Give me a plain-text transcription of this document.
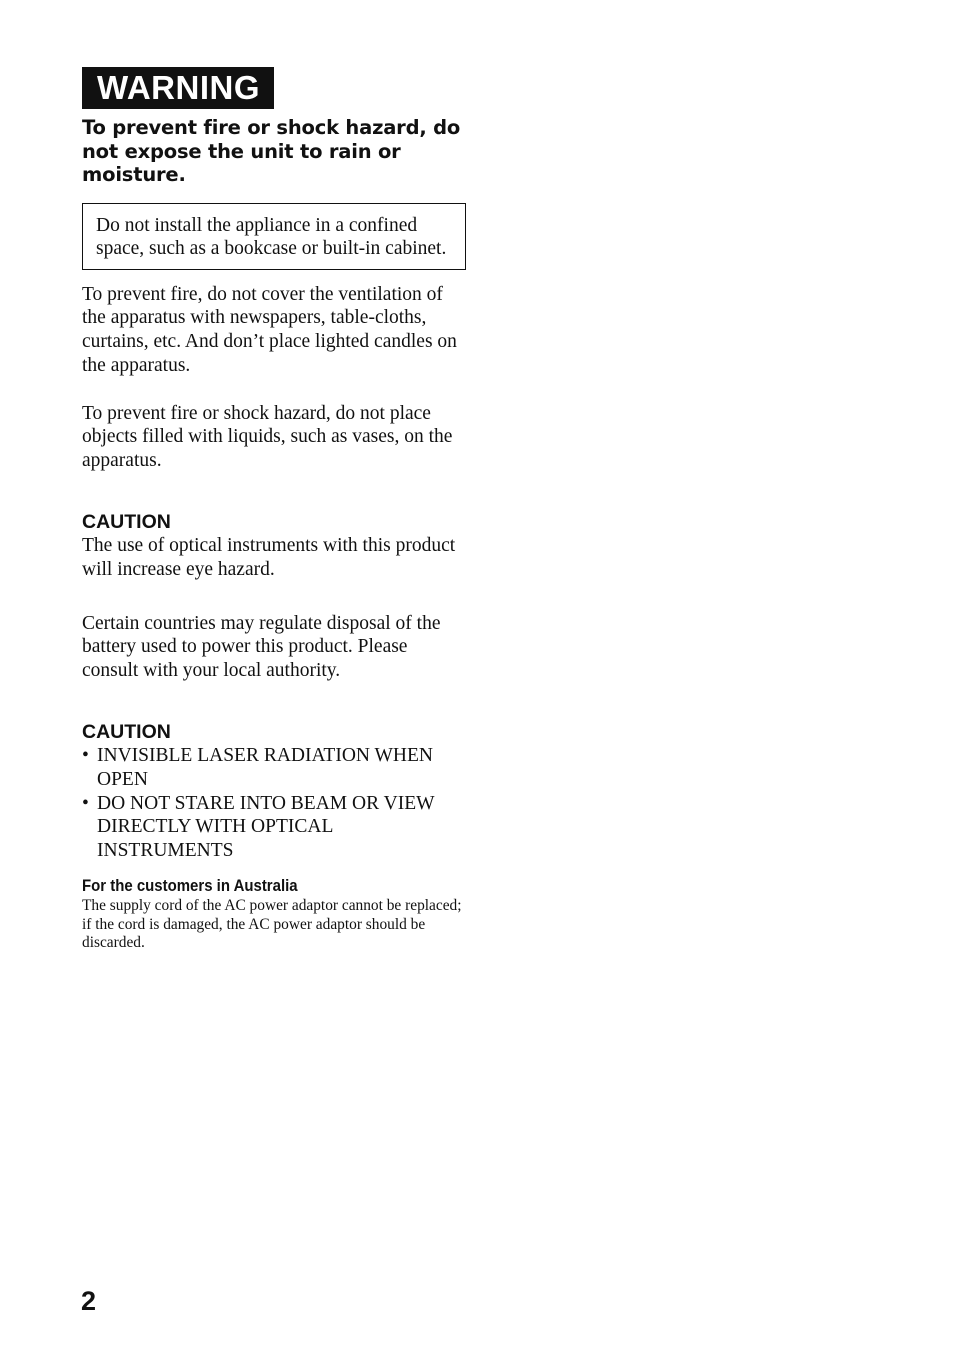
WARNING
To prevent fire or shock hazard, do not expose the unit to rain or moisture.
Do not install the appliance in a confined space, such as a bookcase or built-in cabinet.

To prevent fire, do not cover the ventilation of the apparatus with newspapers, table-cloths, curtains, etc. And don’t place lighted candles on the apparatus.

To prevent fire or shock hazard, do not place objects filled with liquids, such as vases, on the apparatus.

CAUTION

The use of optical instruments with this product will increase eye hazard.

Certain countries may regulate disposal of the battery used to power this product. Please consult with your local authority.

CAUTION
• INVISIBLE LASER RADIATION WHEN OPEN
• DO NOT STARE INTO BEAM OR VIEW DIRECTLY WITH OPTICAL INSTRUMENTS
For the customers in Australia

The supply cord of the AC power adaptor cannot be replaced; if the cord is damaged, the AC power adaptor should be discarded.

2
